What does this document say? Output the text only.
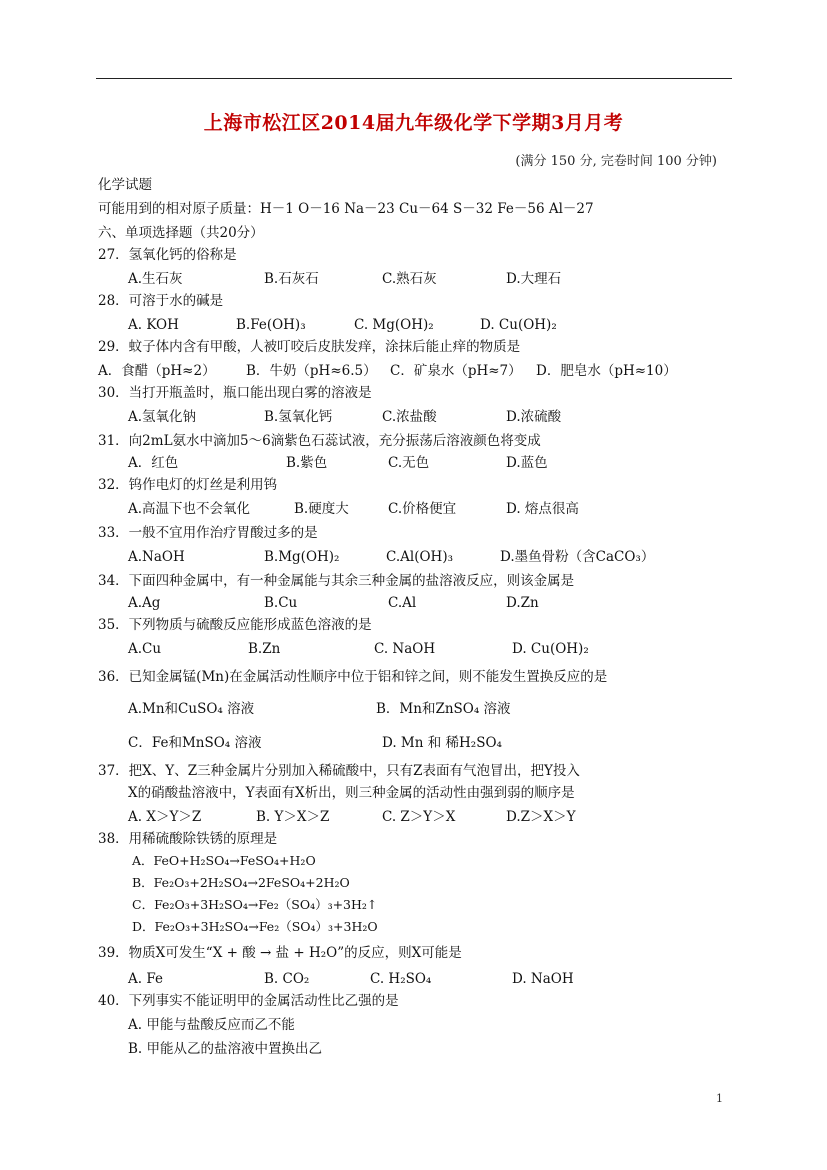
上海市松江区2014届九年级化学下学期3月月考
(满分 150 分, 完卷时间 100 分钟)
化学试题
可能用到的相对原子质量：H－1 O－16 Na－23 Cu－64 S－32 Fe－56 Al－27
六、单项选择题（共20分）
27．氢氧化钙的俗称是
A.生石灰	B.石灰石	C.熟石灰	D.大理石
28．可溶于水的碱是
A. KOH	B.Fe(OH)₃	C. Mg(OH)₂	D. Cu(OH)₂
29．蚊子体内含有甲酸，人被叮咬后皮肤发痒，涂抹后能止痒的物质是
A．食醋（pH≈2） B．牛奶（pH≈6.5） C．矿泉水（pH≈7） D．肥皂水（pH≈10）
30．当打开瓶盖时，瓶口能出现白雾的溶液是
A.氢氧化钠	B.氢氧化钙	C.浓盐酸	D.浓硫酸
31．向2mL氨水中滴加5～6滴紫色石蕊试液，充分振荡后溶液颜色将变成
A．红色	B.紫色	C.无色	D.蓝色
32．钨作电灯的灯丝是利用钨
A.高温下也不会氧化	B.硬度大	C.价格便宜	D. 熔点很高
33．一般不宜用作治疗胃酸过多的是
A.NaOH	B.Mg(OH)₂	C.Al(OH)₃	D.墨鱼骨粉（含CaCO₃）
34．下面四种金属中，有一种金属能与其余三种金属的盐溶液反应，则该金属是
A.Ag	B.Cu	C.Al	D.Zn
35．下列物质与硫酸反应能形成蓝色溶液的是
A.Cu	B.Zn	C. NaOH	D. Cu(OH)₂
36．已知金属锰(Mn)在金属活动性顺序中位于铝和锌之间，则不能发生置换反应的是
A.Mn和CuSO₄ 溶液	B．Mn和ZnSO₄ 溶液
C．Fe和MnSO₄ 溶液	D. Mn 和 稀H₂SO₄
37．把X、Y、Z三种金属片分别加入稀硫酸中，只有Z表面有气泡冒出，把Y投入
X的硝酸盐溶液中，Y表面有X析出，则三种金属的活动性由强到弱的顺序是
A. X＞Y＞Z	B. Y＞X＞Z	C. Z＞Y＞X	D.Z＞X＞Y
38．用稀硫酸除铁锈的原理是
A．FeO+H₂SO₄→FeSO₄+H₂O
B．Fe₂O₃+2H₂SO₄→2FeSO₄+2H₂O
C．Fe₂O₃+3H₂SO₄→Fe₂（SO₄）₃+3H₂↑
D．Fe₂O₃+3H₂SO₄→Fe₂（SO₄）₃+3H₂O
39．物质X可发生“X + 酸 → 盐 + H₂O”的反应，则X可能是
A. Fe	B. CO₂	C. H₂SO₄	D. NaOH
40．下列事实不能证明甲的金属活动性比乙强的是
A. 甲能与盐酸反应而乙不能
B. 甲能从乙的盐溶液中置换出乙
1
